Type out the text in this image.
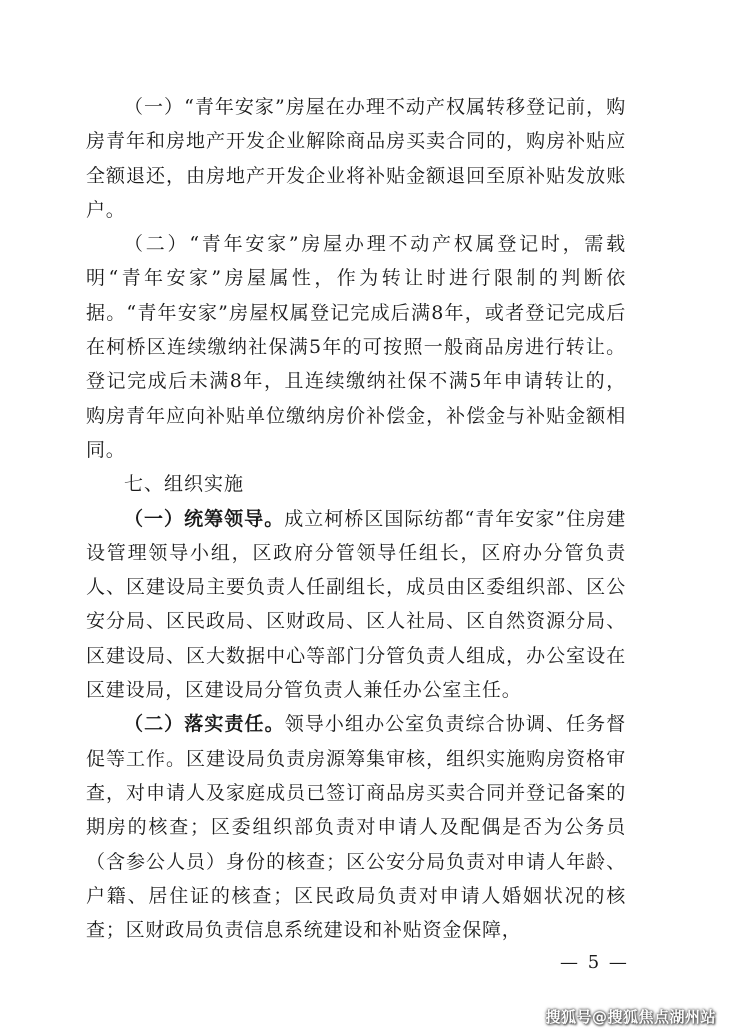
（一）“青年安家”房屋在办理不动产权属转移登记前，购房青年和房地产开发企业解除商品房买卖合同的，购房补贴应全额退还，由房地产开发企业将补贴金额退回至原补贴发放账户。

（二）“青年安家”房屋办理不动产权属登记时，需载明“青年安家”房屋属性，作为转让时进行限制的判断依据。“青年安家”房屋权属登记完成后满8年，或者登记完成后在柯桥区连续缴纳社保满5年的可按照一般商品房进行转让。登记完成后未满8年，且连续缴纳社保不满5年申请转让的，购房青年应向补贴单位缴纳房价补偿金，补偿金与补贴金额相同。

七、组织实施

（一）统筹领导。成立柯桥区国际纺都“青年安家”住房建设管理领导小组，区政府分管领导任组长，区府办分管负责人、区建设局主要负责人任副组长，成员由区委组织部、区公安分局、区民政局、区财政局、区人社局、区自然资源分局、区建设局、区大数据中心等部门分管负责人组成，办公室设在区建设局，区建设局分管负责人兼任办公室主任。

（二）落实责任。领导小组办公室负责综合协调、任务督促等工作。区建设局负责房源筹集审核，组织实施购房资格审查，对申请人及家庭成员已签订商品房买卖合同并登记备案的期房的核查；区委组织部负责对申请人及配偶是否为公务员（含参公人员）身份的核查；区公安分局负责对申请人年龄、户籍、居住证的核查；区民政局负责对申请人婚姻状况的核查；区财政局负责信息系统建设和补贴资金保障，

— 5 —
搜狐号@搜狐焦点湖州站
